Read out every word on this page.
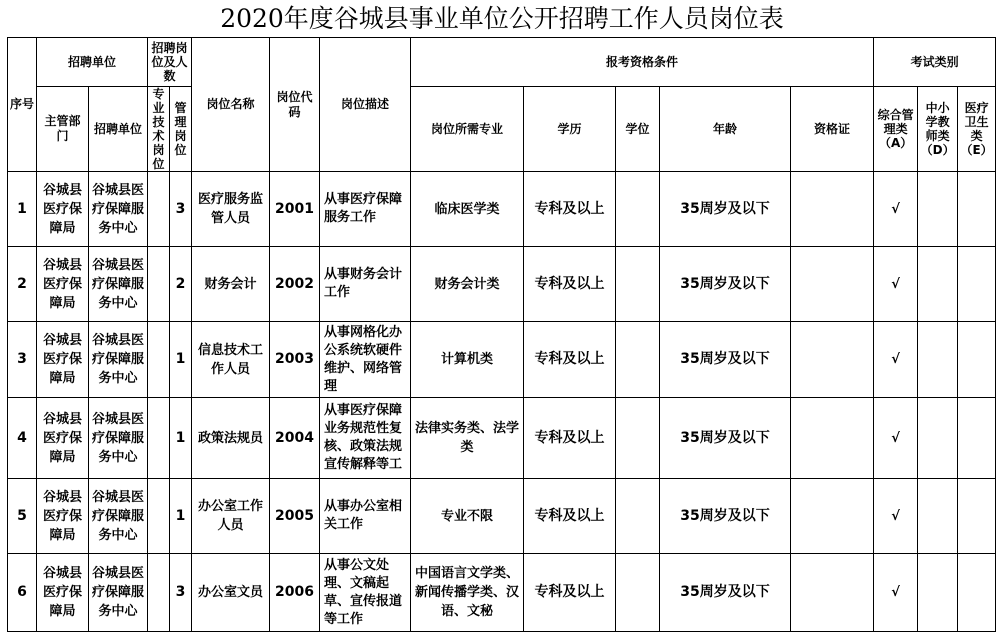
2020年度谷城县事业单位公开招聘工作人员岗位表
序号	招聘单位		招聘岗位及人数		岗位名称	岗位代码	岗位描述	报考资格条件					考试类别		
	主管部门	招聘单位	专业技术岗位	管理岗位				岗位所需专业	学历	学位	年龄	资格证	综合管理类（A）	中小学教师类（D）	医疗卫生类（E）
1	谷城县医疗保障局	谷城县医疗保障服务中心		3	医疗服务监管人员	2001	从事医疗保障服务工作	临床医学类	专科及以上		35周岁及以下		√		
2	谷城县医疗保障局	谷城县医疗保障服务中心		2	财务会计	2002	从事财务会计工作	财务会计类	专科及以上		35周岁及以下		√		
3	谷城县医疗保障局	谷城县医疗保障服务中心		1	信息技术工作人员	2003	从事网格化办公系统软硬件维护、网络管理	计算机类	专科及以上		35周岁及以下		√		
4	谷城县医疗保障局	谷城县医疗保障服务中心		1	政策法规员	2004	从事医疗保障业务规范性复核、政策法规宣传解释等工	法律实务类、法学类	专科及以上		35周岁及以下		√		
5	谷城县医疗保障局	谷城县医疗保障服务中心		1	办公室工作人员	2005	从事办公室相关工作	专业不限	专科及以上		35周岁及以下		√		
6	谷城县医疗保障局	谷城县医疗保障服务中心		3	办公室文员	2006	从事公文处理、文稿起草、宣传报道等工作	中国语言文学类、新闻传播学类、汉语、文秘	专科及以上		35周岁及以下		√		
